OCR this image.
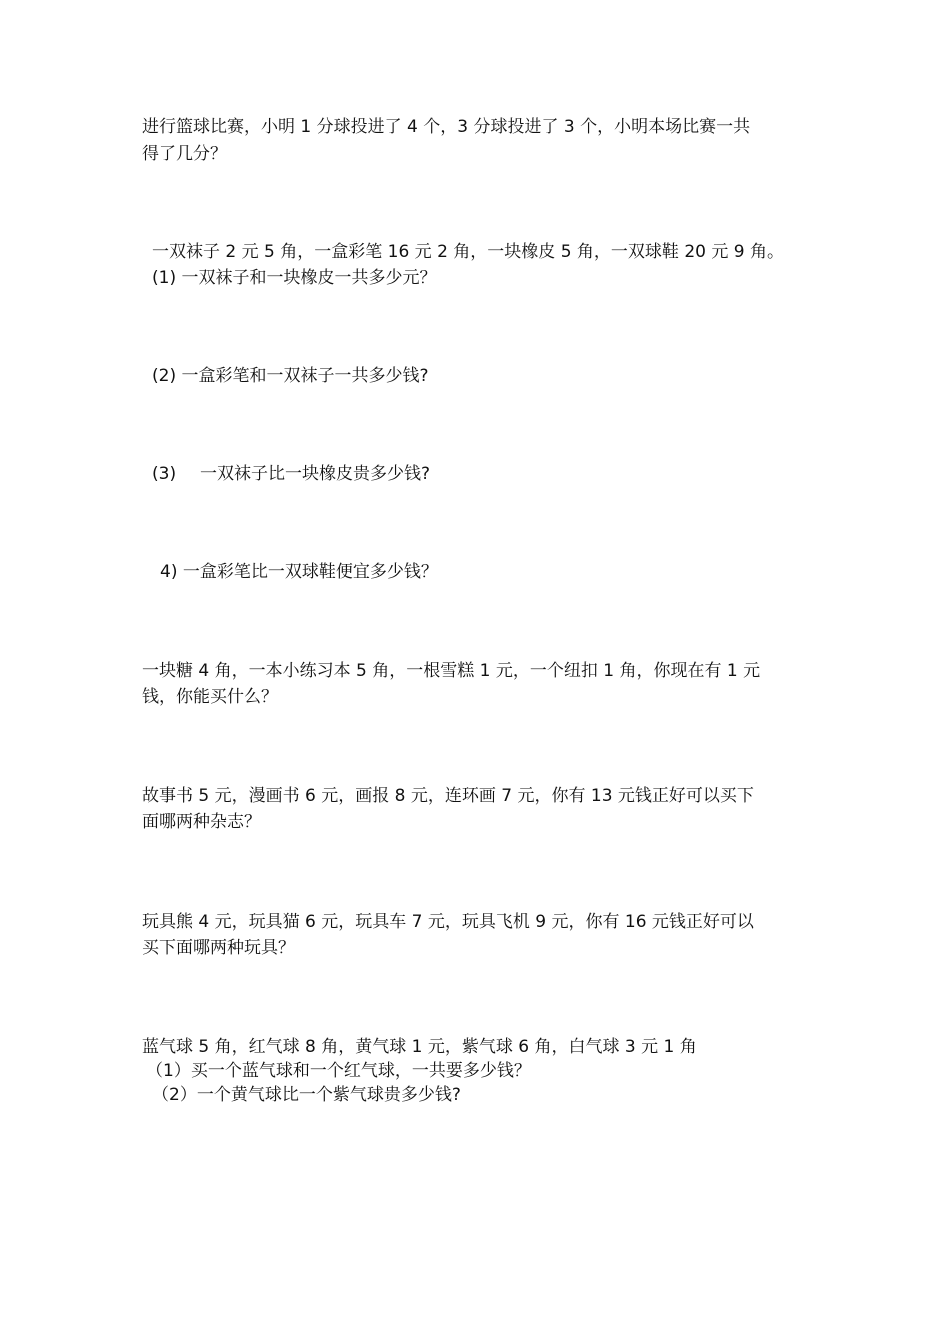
进行篮球比赛，小明 1 分球投进了 4 个，3 分球投进了 3 个，小明本场比赛一共
得了几分？
一双袜子 2 元 5 角，一盒彩笔 16 元 2 角，一块橡皮 5 角，一双球鞋 20 元 9 角。
(1) 一双袜子和一块橡皮一共多少元？
(2) 一盒彩笔和一双袜子一共多少钱?
(3) 一双袜子比一块橡皮贵多少钱?
4) 一盒彩笔比一双球鞋便宜多少钱？
一块糖 4 角，一本小练习本 5 角，一根雪糕 1 元，一个纽扣 1 角，你现在有 1 元
钱，你能买什么？
故事书 5 元，漫画书 6 元，画报 8 元，连环画 7 元，你有 13 元钱正好可以买下
面哪两种杂志？
玩具熊 4 元，玩具猫 6 元，玩具车 7 元，玩具飞机 9 元，你有 16 元钱正好可以
买下面哪两种玩具？
蓝气球 5 角，红气球 8 角，黄气球 1 元，紫气球 6 角，白气球 3 元 1 角
（1）买一个蓝气球和一个红气球，一共要多少钱？
（2）一个黄气球比一个紫气球贵多少钱?
